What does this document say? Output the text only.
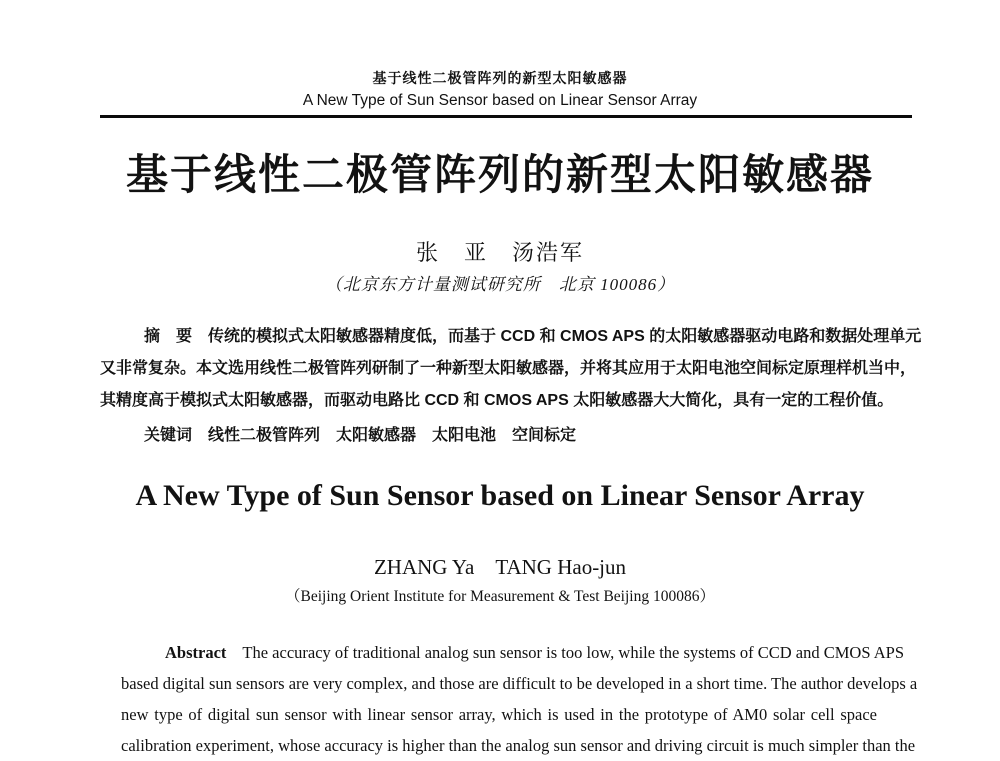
基于线性二极管阵列的新型太阳敏感器
A New Type of Sun Sensor based on Linear Sensor Array
基于线性二极管阵列的新型太阳敏感器
张　亚　汤浩军
（北京东方计量测试研究所　北京 100086）
摘　要 传统的模拟式太阳敏感器精度低，而基于 CCD 和 CMOS APS 的太阳敏感器驱动电路和数据处理单元
又非常复杂。本文选用线性二极管阵列研制了一种新型太阳敏感器，并将其应用于太阳电池空间标定原理样机当中，
其精度高于模拟式太阳敏感器，而驱动电路比 CCD 和 CMOS APS 太阳敏感器大大简化，具有一定的工程价值。
关键词 线性二极管阵列　太阳敏感器　太阳电池　空间标定
A New Type of Sun Sensor based on Linear Sensor Array
ZHANG Ya　TANG Hao-jun
（Beijing Orient Institute for Measurement & Test Beijing 100086）
Abstract The accuracy of traditional analog sun sensor is too low, while the systems of CCD and CMOS APS
based digital sun sensors are very complex, and those are difficult to be developed in a short time. The author develops a
new type of digital sun sensor with linear sensor array, which is used in the prototype of AM0 solar cell space
calibration experiment, whose accuracy is higher than the analog sun sensor and driving circuit is much simpler than the
